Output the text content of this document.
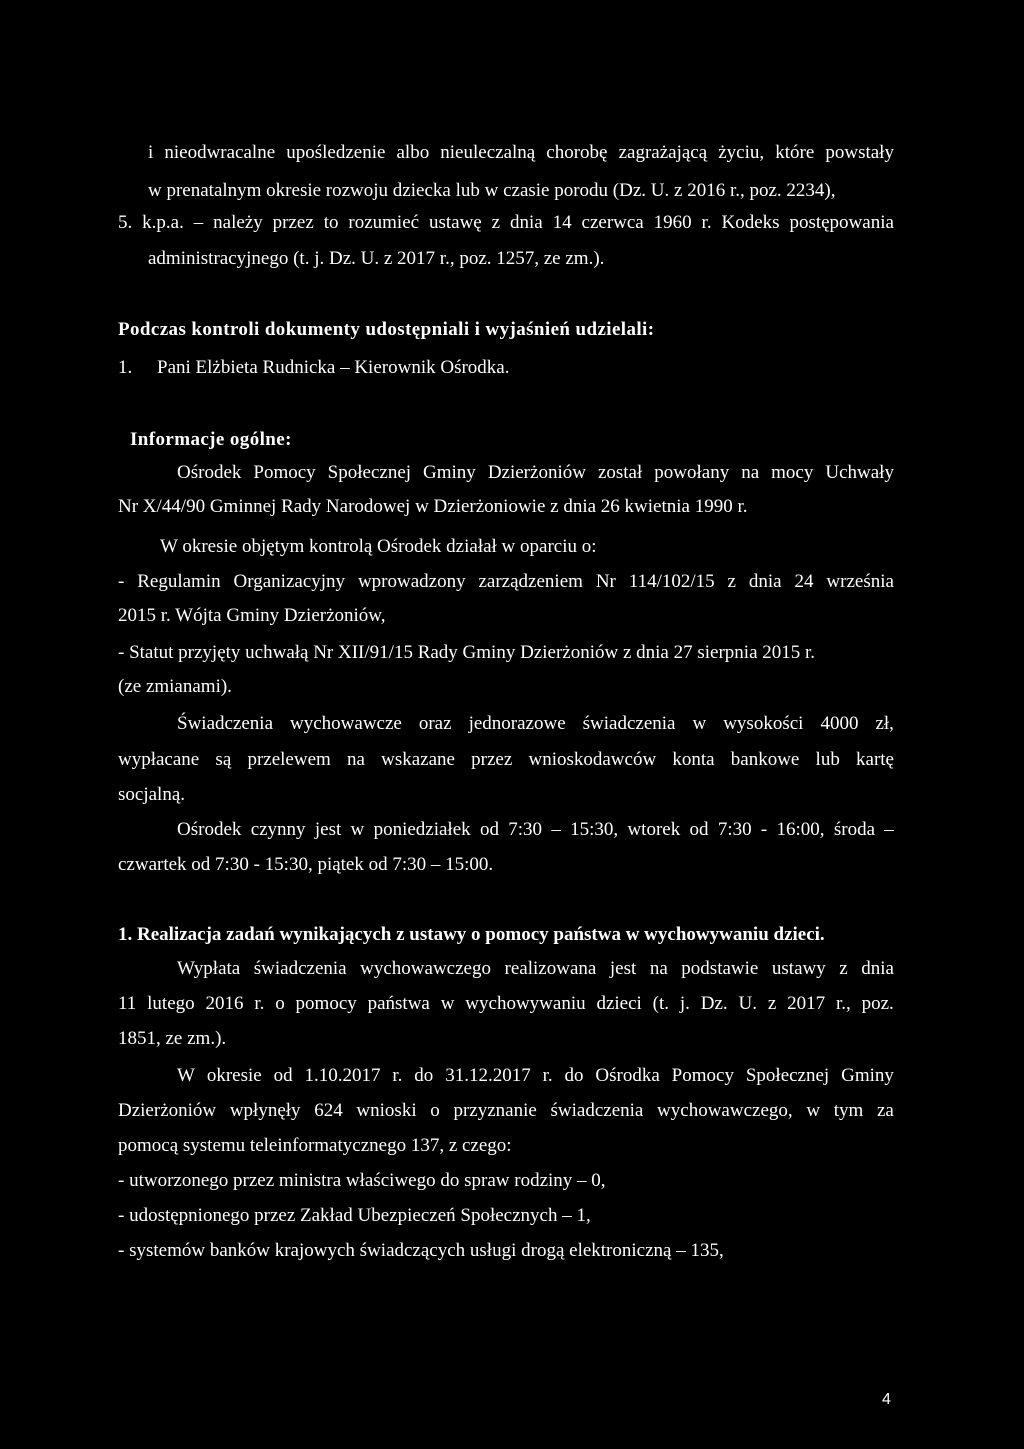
i nieodwracalne upośledzenie albo nieuleczalną chorobę zagrażającą życiu, które powstały
w prenatalnym okresie rozwoju dziecka lub w czasie porodu (Dz. U. z 2016 r., poz. 2234),
5. k.p.a. – należy przez to rozumieć ustawę z dnia 14 czerwca 1960 r. Kodeks postępowania
administracyjnego (t. j. Dz. U. z 2017 r., poz. 1257, ze zm.).
Podczas kontroli dokumenty udostępniali i wyjaśnień udzielali:
1. Pani Elżbieta Rudnicka – Kierownik Ośrodka.
Informacje ogólne:
Ośrodek Pomocy Społecznej Gminy Dzierżoniów został powołany na mocy Uchwały
Nr X/44/90 Gminnej Rady Narodowej w Dzierżoniowie z dnia 26 kwietnia 1990 r.
W okresie objętym kontrolą Ośrodek działał w oparciu o:
- Regulamin Organizacyjny wprowadzony zarządzeniem Nr 114/102/15 z dnia 24 września
2015 r. Wójta Gminy Dzierżoniów,
- Statut przyjęty uchwałą Nr XII/91/15 Rady Gminy Dzierżoniów z dnia 27 sierpnia 2015 r.
(ze zmianami).
Świadczenia wychowawcze oraz jednorazowe świadczenia w wysokości 4000 zł,
wypłacane są przelewem na wskazane przez wnioskodawców konta bankowe lub kartę
socjalną.
Ośrodek czynny jest w poniedziałek od 7:30 – 15:30, wtorek od 7:30 - 16:00, środa –
czwartek od 7:30 - 15:30, piątek od 7:30 – 15:00.
1. Realizacja zadań wynikających z ustawy o pomocy państwa w wychowywaniu dzieci.
Wypłata świadczenia wychowawczego realizowana jest na podstawie ustawy z dnia
11 lutego 2016 r. o pomocy państwa w wychowywaniu dzieci (t. j. Dz. U. z 2017 r., poz.
1851, ze zm.).
W okresie od 1.10.2017 r. do 31.12.2017 r. do Ośrodka Pomocy Społecznej Gminy
Dzierżoniów wpłynęły 624 wnioski o przyznanie świadczenia wychowawczego, w tym za
pomocą systemu teleinformatycznego 137, z czego:
- utworzonego przez ministra właściwego do spraw rodziny – 0,
- udostępnionego przez Zakład Ubezpieczeń Społecznych – 1,
- systemów banków krajowych świadczących usługi drogą elektroniczną – 135,
4
